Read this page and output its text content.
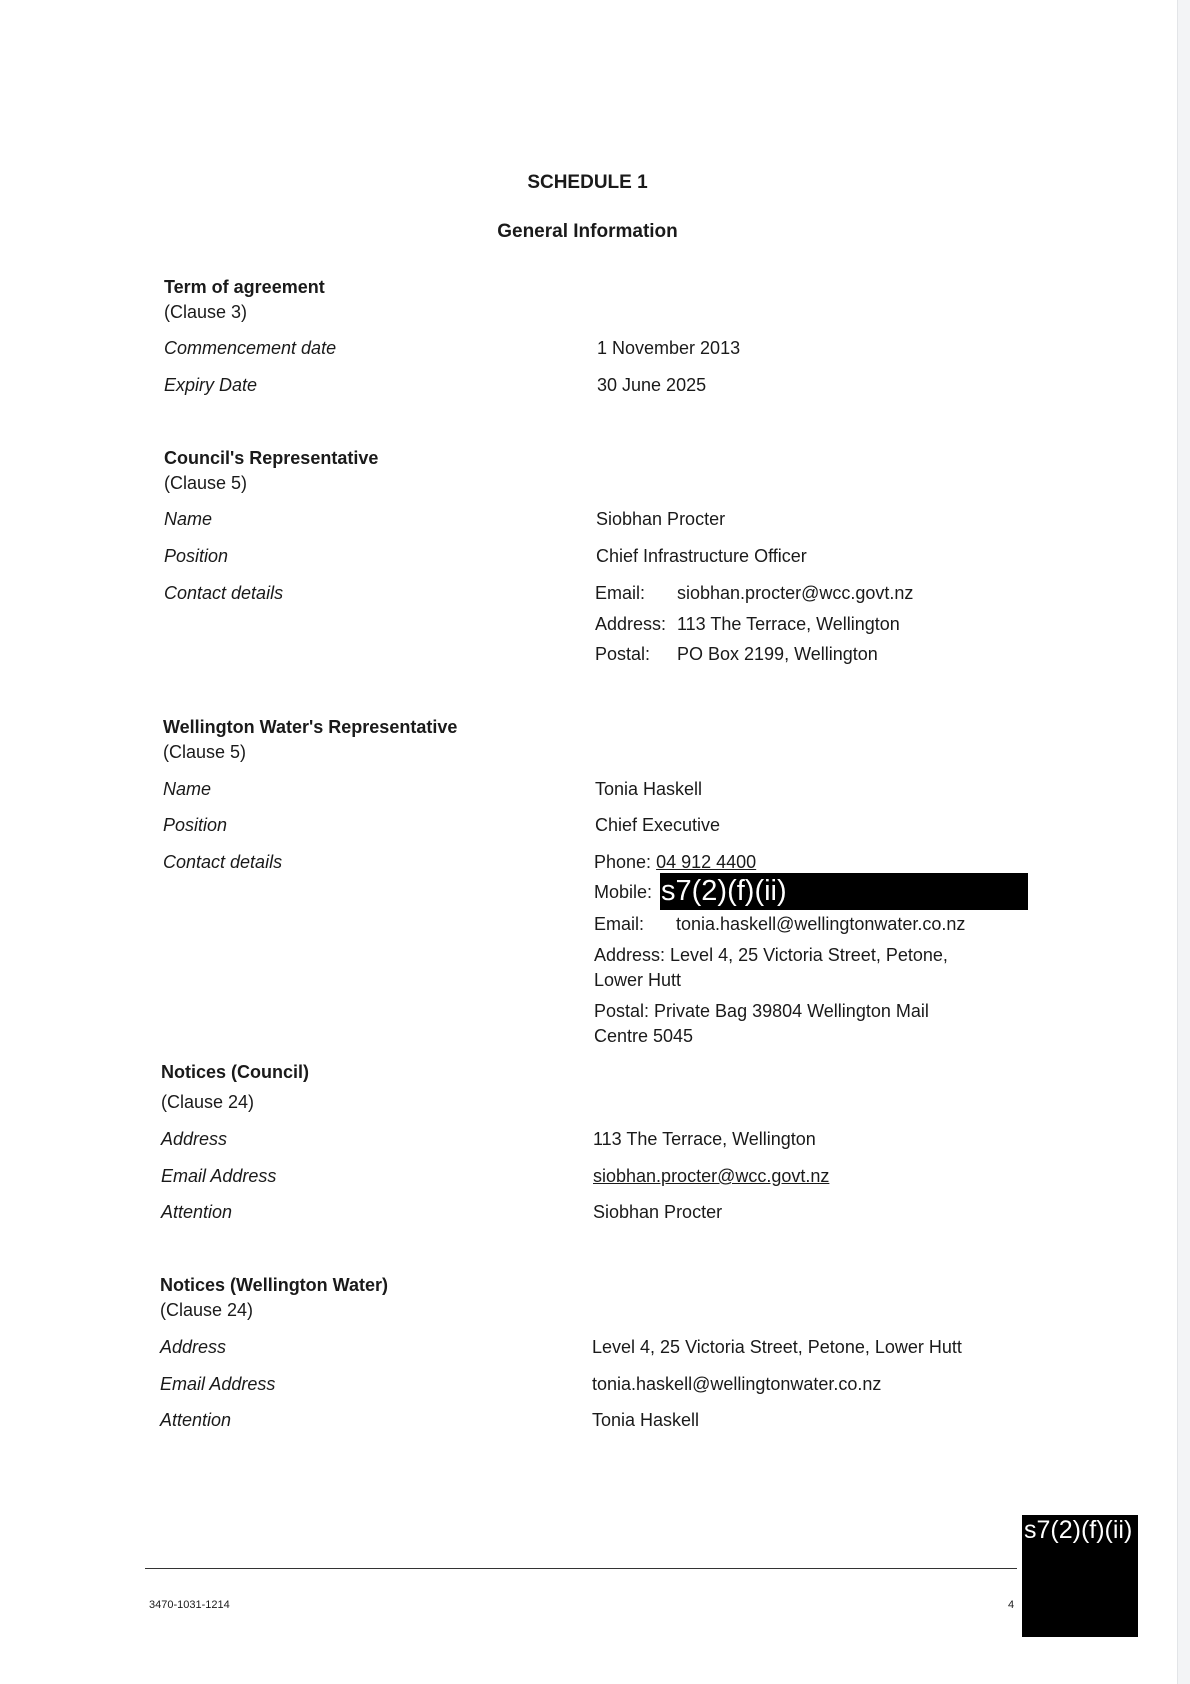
SCHEDULE 1
General Information
Term of agreement
(Clause 3)
Commencement date	1 November 2013
Expiry Date	30 June 2025
Council's Representative
(Clause 5)
Name	Siobhan Procter
Position	Chief Infrastructure Officer
Contact details	Email: siobhan.procter@wcc.govt.nz
Address: 113 The Terrace, Wellington
Postal: PO Box 2199, Wellington
Wellington Water's Representative
(Clause 5)
Name	Tonia Haskell
Position	Chief Executive
Contact details	Phone: 04 912 4400
Mobile: s7(2)(f)(ii)
Email: tonia.haskell@wellingtonwater.co.nz
Address: Level 4, 25 Victoria Street, Petone,
Lower Hutt
Postal: Private Bag 39804 Wellington Mail
Centre 5045
Notices (Council)
(Clause 24)
Address	113 The Terrace, Wellington
Email Address	siobhan.procter@wcc.govt.nz
Attention	Siobhan Procter
Notices (Wellington Water)
(Clause 24)
Address	Level 4, 25 Victoria Street, Petone, Lower Hutt
Email Address	tonia.haskell@wellingtonwater.co.nz
Attention	Tonia Haskell
s7(2)(f)(ii)
3470-1031-1214	4
